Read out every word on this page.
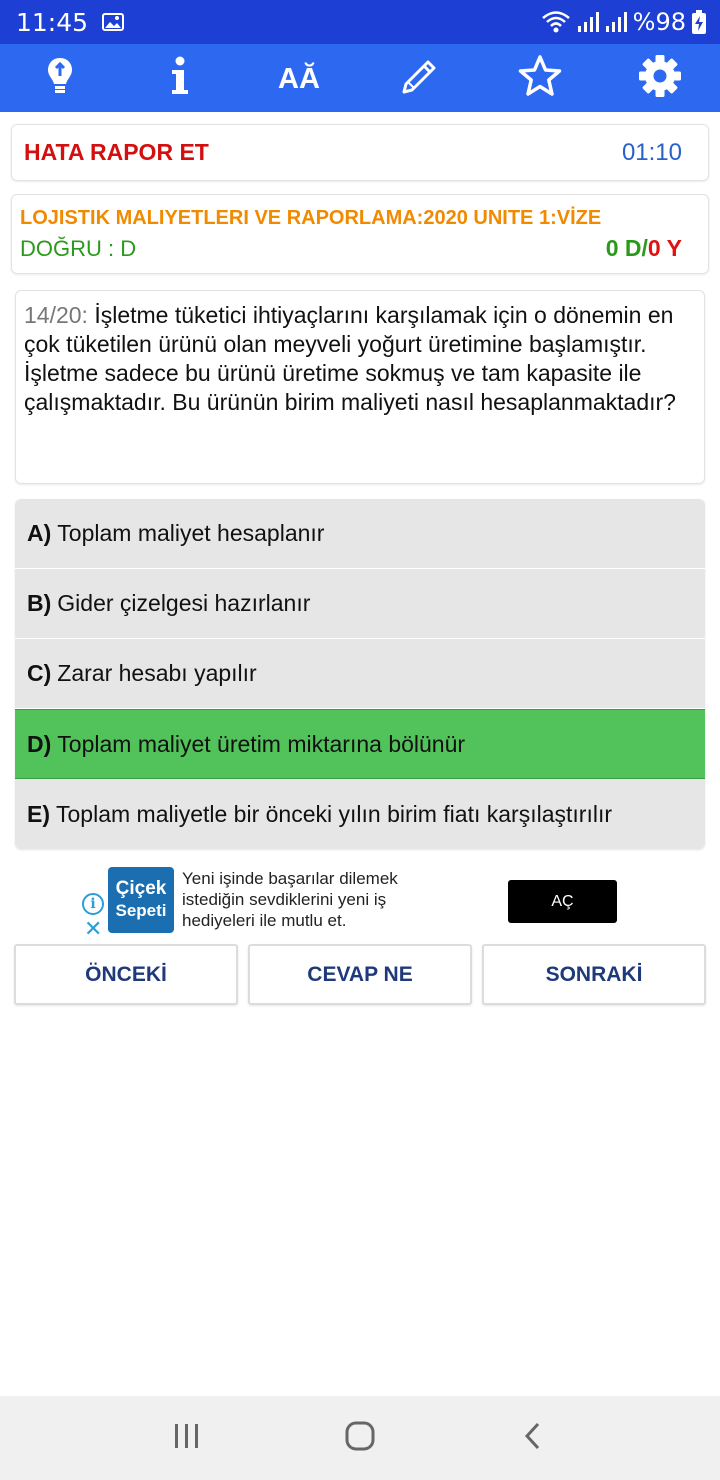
11:45	%98
AĂ
HATA RAPOR ET	01:10
LOJISTIK MALIYETLERI VE RAPORLAMA:2020 UNITE 1:VİZE
DOĞRU : D	0 D/0 Y
14/20: İşletme tüketici ihtiyaçlarını karşılamak için o dönemin en çok tüketilen ürünü olan meyveli yoğurt üretimine başlamıştır. İşletme sadece bu ürünü üretime sokmuş ve tam kapasite ile çalışmaktadır. Bu ürünün birim maliyeti nasıl hesaplanmaktadır?
A) Toplam maliyet hesaplanır
B) Gider çizelgesi hazırlanır
C) Zarar hesabı yapılır
D) Toplam maliyet üretim miktarına bölünür
E) Toplam maliyetle bir önceki yılın birim fiatı karşılaştırılır
i
✕
Çiçek
Sepeti
Yeni işinde başarılar dilemek istediğin sevdiklerini yeni iş hediyeleri ile mutlu et.
AÇ
ÖNCEKİ	CEVAP NE	SONRAKİ
